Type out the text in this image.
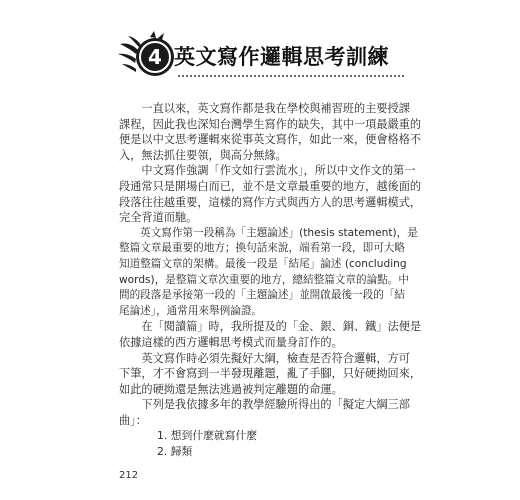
4 英文寫作邏輯思考訓練

　　一直以來，英文寫作都是我在學校與補習班的主要授課
課程，因此我也深知台灣學生寫作的缺失，其中一項最嚴重的
便是以中文思考邏輯來從事英文寫作，如此一來，便會格格不
入，無法抓住要領，與高分無緣。

　　中文寫作強調「作文如行雲流水」，所以中文作文的第一
段通常只是開場白而已，並不是文章最重要的地方，越後面的
段落往往越重要，這樣的寫作方式與西方人的思考邏輯模式，
完全背道而馳。

　　英文寫作第一段稱為「主題論述」(thesis statement)，是
整篇文章最重要的地方；換句話來說，端看第一段，即可大略
知道整篇文章的架構。最後一段是「結尾」論述 (concluding
words)，是整篇文章次重要的地方，總結整篇文章的論點。中
間的段落是承接第一段的「主題論述」並開啟最後一段的「結
尾論述」，通常用來舉例論證。

　　在「閱讀篇」時，我所提及的「金、銀、銅、鐵」法便是
依據這樣的西方邏輯思考模式而量身訂作的。

　　英文寫作時必須先擬好大綱，檢查是否符合邏輯，方可
下筆，才不會寫到一半發現離題，亂了手腳，只好硬拗回來，
如此的硬拗還是無法逃過被判定離題的命運。

　　下列是我依據多年的教學經驗所得出的「擬定大綱三部
曲」：

1. 想到什麼就寫什麼
2. 歸類
212
